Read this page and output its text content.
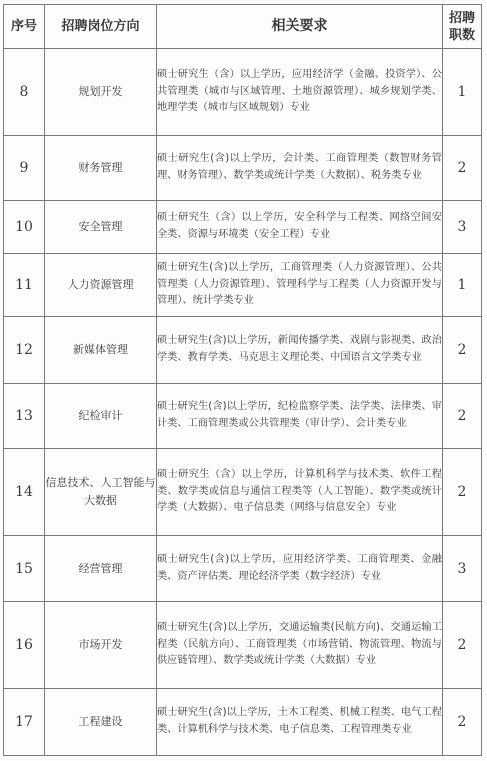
序号	招聘岗位方向	相关要求	招聘
职数

8	规划开发	硕士研究生（含）以上学历，应用经济学（金融、投资学）、公共管理类（城市与区域管理、土地资源管理）、城乡规划学类、地理学类（城市与区域规划）专业	1
9	财务管理	硕士研究生(含)以上学历，会计类、工商管理类（数智财务管理、财务管理）、数学类或统计学类（大数据）、税务类专业	2
10	安全管理	硕士研究生（含）以上学历，安全科学与工程类、网络空间安全类、资源与环境类（安全工程）专业	3
11	人力资源管理	硕士研究生(含)以上学历，工商管理类（人力资源管理）、公共管理类（人力资源管理）、管理科学与工程类（人力资源开发与管理）、统计学类专业	1
12	新媒体管理	硕士研究生(含)以上学历，新闻传播学类、戏剧与影视类、政治学类、教育学类、马克思主义理论类、中国语言文学类专业	2
13	纪检审计	硕士研究生(含)以上学历，纪检监察学类、法学类、法律类、审计类、工商管理类或公共管理类（审计学）、会计类专业	2
14	信息技术、人工智能与大数据	硕士研究生（含）以上学历，计算机科学与技术类、软件工程类、数学类或信息与通信工程类等（人工智能）、数学类或统计学类（大数据）、电子信息类（网络与信息安全）专业	2
15	经营管理	硕士研究生(含)以上学历，应用经济学类、工商管理类、金融类、资产评估类、理论经济学类（数字经济）专业	3
16	市场开发	硕士研究生(含)以上学历，交通运输类(民航方向)、交通运输工程类（民航方向）、工商管理类（市场营销、物流管理、物流与供应链管理）、数学类或统计学类（大数据）专业	2
17	工程建设	硕士研究生(含)以上学历，土木工程类、机械工程类、电气工程类、计算机科学与技术类、电子信息类、工程管理类专业	2
